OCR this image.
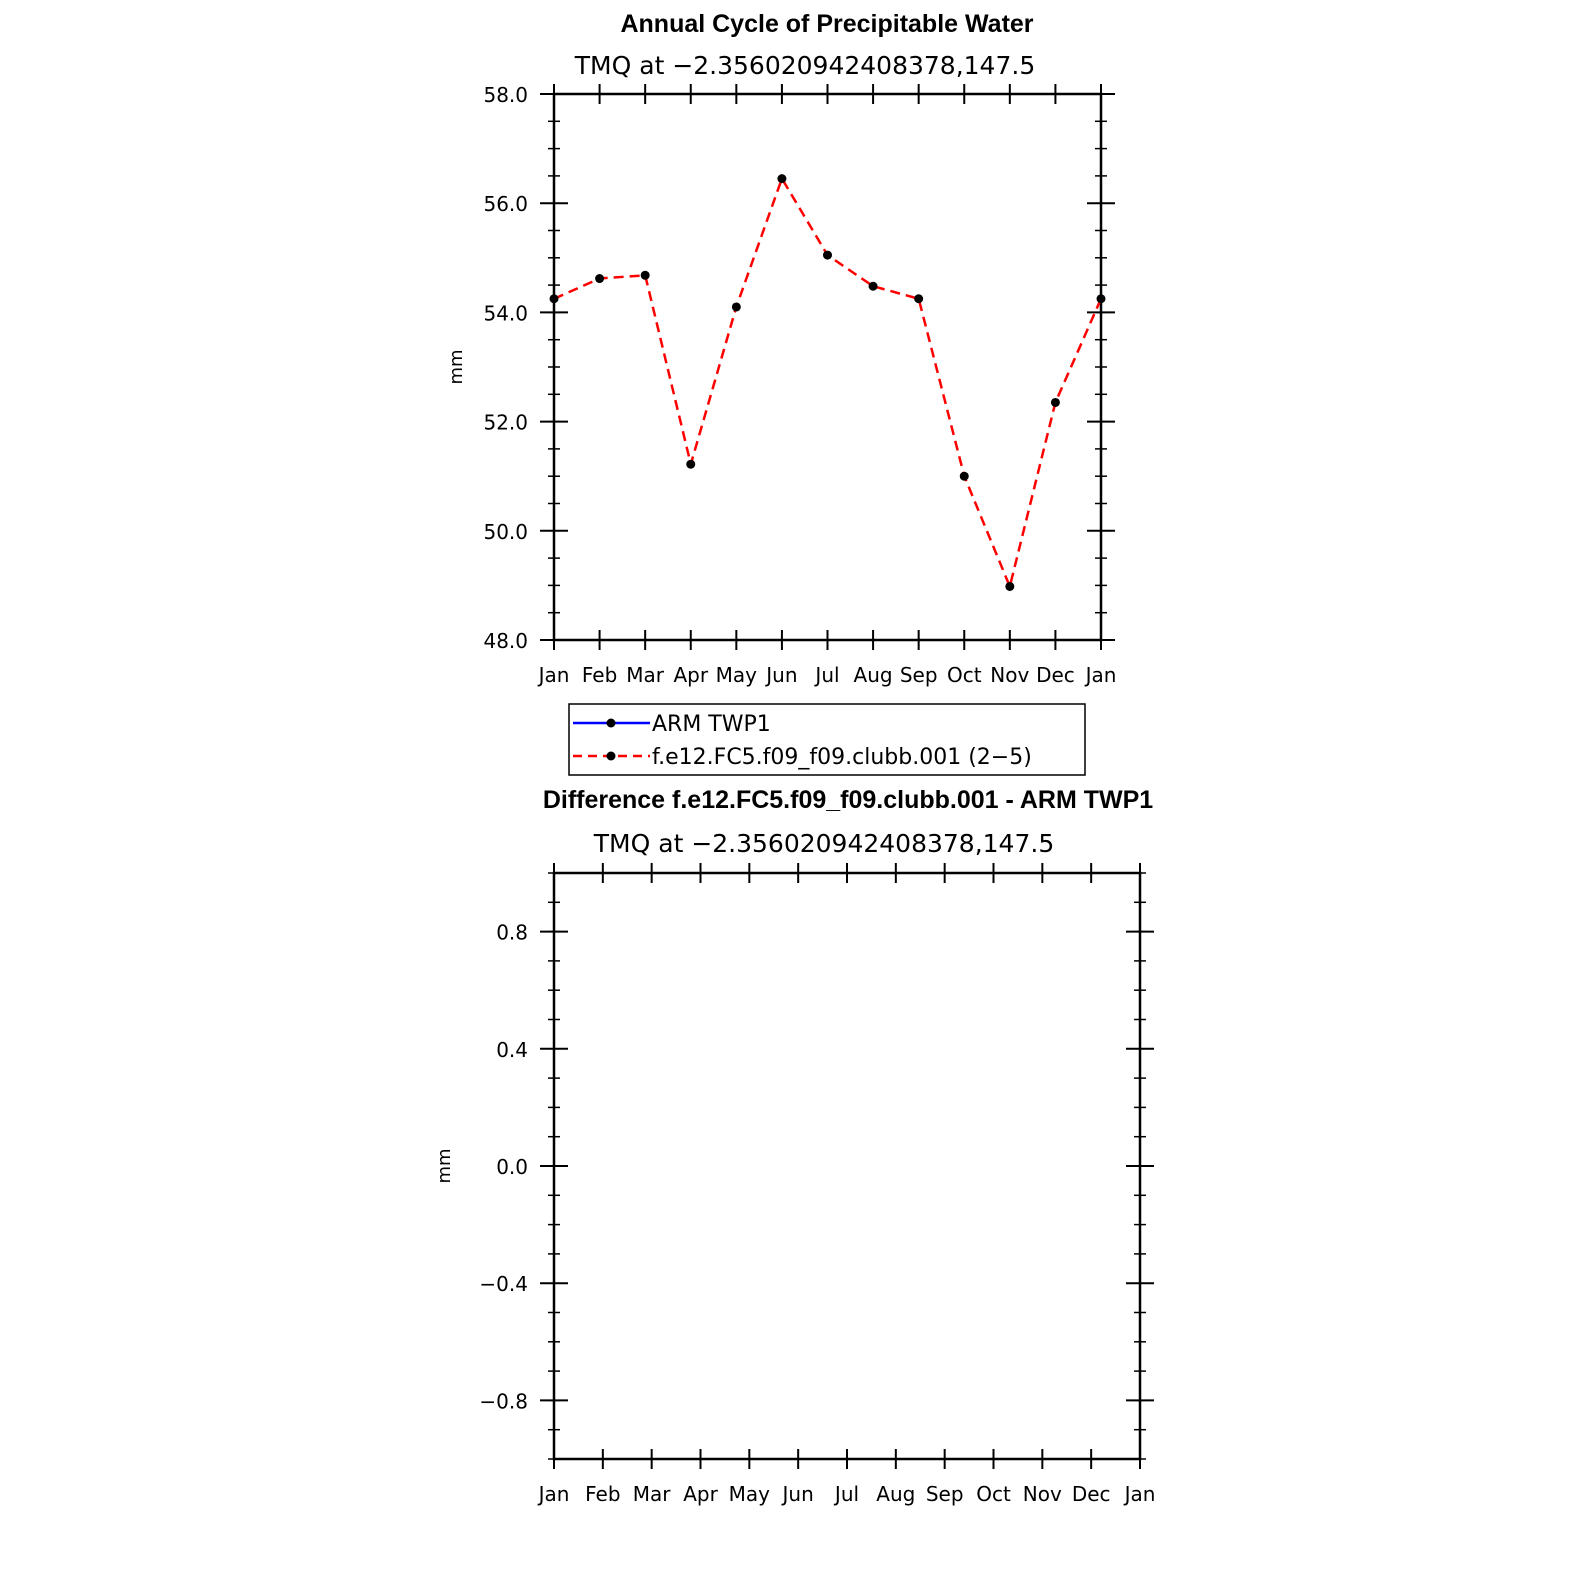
Annual Cycle of Precipitable Water
TMQ at −2.356020942408378,147.5
mm
Jan Feb Mar Apr May Jun Jul Aug Sep Oct Nov Dec Jan
58.0
56.0
54.0
52.0
50.0
48.0
ARM TWP1
f.e12.FC5.f09_f09.clubb.001 (2−5)
Difference f.e12.FC5.f09_f09.clubb.001 - ARM TWP1
TMQ at −2.356020942408378,147.5
mm
Jan Feb Mar Apr May Jun Jul Aug Sep Oct Nov Dec Jan
0.8
0.4
0.0
−0.4
−0.8
